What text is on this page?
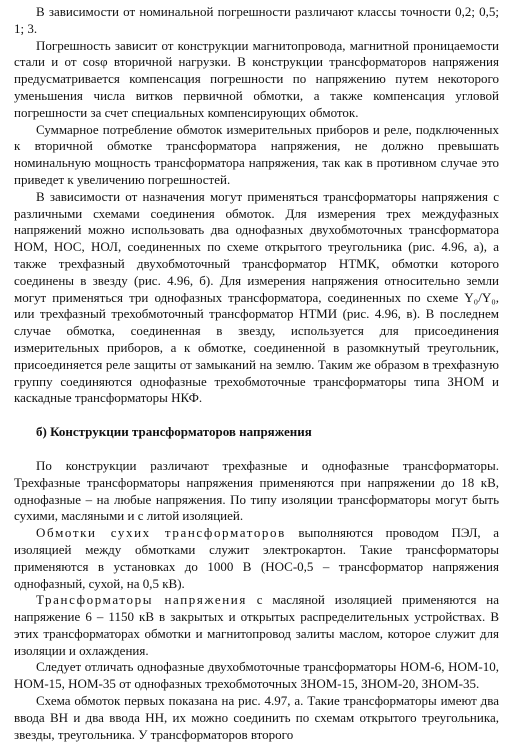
В зависимости от номинальной погрешности различают классы точности 0,2; 0,5; 1; 3.

Погрешность зависит от конструкции магнитопровода, магнитной проницаемости стали и от cosφ вторичной нагрузки. В конструкции трансформаторов напряжения предусматривается компенсация погрешности по напряжению путем некоторого уменьшения числа витков первичной обмотки, а также компенсация угловой погрешности за счет специальных компенсирующих обмоток.

Суммарное потребление обмоток измерительных приборов и реле, подключенных к вторичной обмотке трансформатора напряжения, не должно превышать номинальную мощность трансформатора напряжения, так как в противном случае это приведет к увеличению погрешностей.

В зависимости от назначения могут применяться трансформаторы напряжения с различными схемами соединения обмоток. Для измерения трех междуфазных напряжений можно использовать два однофазных двухобмоточных трансформатора НОМ, НОС, НОЛ, соединенных по схеме открытого треугольника (рис. 4.96, а), а также трехфазный двухобмоточный трансформатор НТМК, обмотки которого соединены в звезду (рис. 4.96, б). Для измерения напряжения относительно земли могут применяться три однофазных трансформатора, соединенных по схеме Y₀/Y₀, или трехфазный трехобмоточный трансформатор НТМИ (рис. 4.96, в). В последнем случае обмотка, соединенная в звезду, используется для присоединения измерительных приборов, а к обмотке, соединенной в разомкнутый треугольник, присоединяется реле защиты от замыканий на землю. Таким же образом в трехфазную группу соединяются однофазные трехобмоточные трансформаторы типа ЗНОМ и каскадные трансформаторы НКФ.

б) Конструкции трансформаторов напряжения

По конструкции различают трехфазные и однофазные трансформаторы. Трехфазные трансформаторы напряжения применяются при напряжении до 18 кВ, однофазные – на любые напряжения. По типу изоляции трансформаторы могут быть сухими, масляными и с литой изоляцией.

Обмотки сухих трансформаторов выполняются проводом ПЭЛ, а изоляцией между обмотками служит электрокартон. Такие трансформаторы применяются в установках до 1000 В (НОС-0,5 – трансформатор напряжения однофазный, сухой, на 0,5 кВ).

Трансформаторы напряжения с масляной изоляцией применяются на напряжение 6 – 1150 кВ в закрытых и открытых распределительных устройствах. В этих трансформаторах обмотки и магнитопровод залиты маслом, которое служит для изоляции и охлаждения.

Следует отличать однофазные двухобмоточные трансформаторы НОМ-6, НОМ-10, НОМ-15, НОМ-35 от однофазных трехобмоточных ЗНОМ-15, ЗНОМ-20, ЗНОМ-35.

Схема обмоток первых показана на рис. 4.97, а. Такие трансформаторы имеют два ввода ВН и два ввода НН, их можно соединить по схемам открытого треугольника, звезды, треугольника. У трансформаторов второго
